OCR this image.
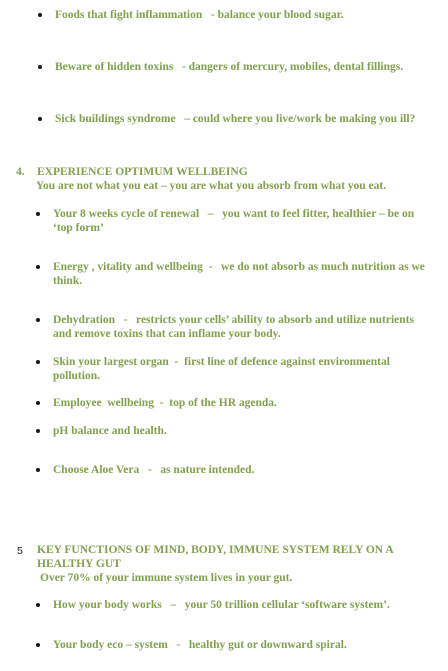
Foods that fight inflammation   - balance your blood sugar.
Beware of hidden toxins   - dangers of mercury, mobiles, dental fillings.
Sick buildings syndrome   – could where you live/work be making you ill?
4. EXPERIENCE OPTIMUM WELLBEING
You are not what you eat – you are what you absorb from what you eat.
Your 8 weeks cycle of renewal   –   you want to feel fitter, healthier – be on
‘top form’
Energy , vitality and wellbeing  -   we do not absorb as much nutrition as we
think.
Dehydration   -   restricts your cells’ ability to absorb and utilize nutrients
and remove toxins that can inflame your body.
Skin your largest organ  -  first line of defence against environmental
pollution.
Employee  wellbeing  -  top of the HR agenda.
pH balance and health.
Choose Aloe Vera   -   as nature intended.
5 KEY FUNCTIONS OF MIND, BODY, IMMUNE SYSTEM RELY ON A
HEALTHY GUT
Over 70% of your immune system lives in your gut.
How your body works   –   your 50 trillion cellular ‘software system’.
Your body eco – system   -   healthy gut or downward spiral.
